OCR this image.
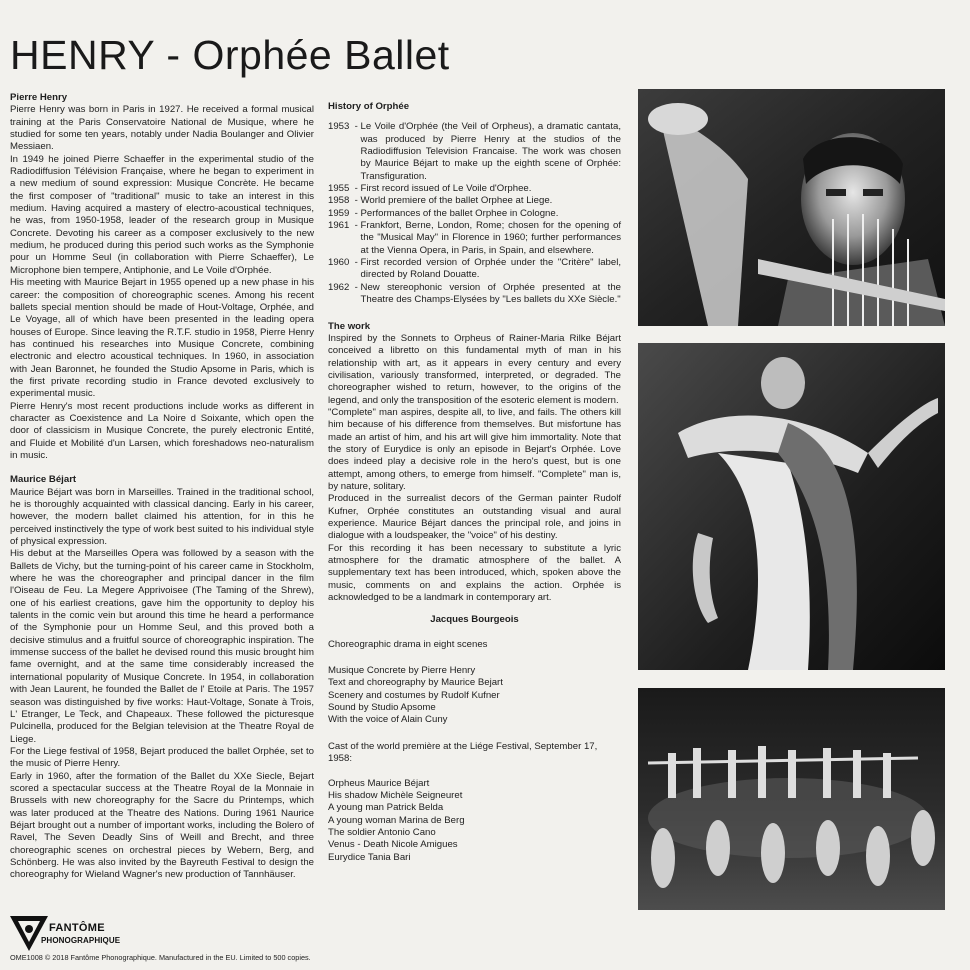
HENRY - Orphée Ballet
Pierre Henry

Pierre Henry was born in Paris in 1927. He received a formal musical training at the Paris Conservatoire National de Musique, where he studied for some ten years, notably under Nadia Boulanger and Olivier Messiaen.

In 1949 he joined Pierre Schaeffer in the experimental studio of the Radiodiffusion Télévision Française, where he began to experiment in a new medium of sound expression: Musique Concrète. He became the first composer of "traditional" music to take an interest in this medium. Having acquired a mastery of electro-acoustical techniques, he was, from 1950-1958, leader of the research group in Musique Concrete. Devoting his career as a composer exclusively to the new medium, he produced during this period such works as the Symphonie pour un Homme Seul (in collaboration with Pierre Schaeffer), Le Microphone bien tempere, Antiphonie, and Le Voile d'Orphée.

His meeting with Maurice Bejart in 1955 opened up a new phase in his career: the composition of choreographic scenes. Among his recent ballets special mention should be made of Hout-Voltage, Orphée, and Le Voyage, all of which have been presented in the leading opera houses of Europe. Since leaving the R.T.F. studio in 1958, Pierre Henry has continued his researches into Musique Concrete, combining electronic and electro acoustical techniques. In 1960, in association with Jean Baronnet, he founded the Studio Apsome in Paris, which is the first private recording studio in France devoted exclusively to experimental music.

Pierre Henry's most recent productions include works as different in character as Coexistence and La Noire d Soixante, which open the door of classicism in Musique Concrete, the purely electronic Entité, and Fluide et Mobilité d'un Larsen, which foreshadows neo-naturalism in music.

Maurice Béjart

Maurice Béjart was born in Marseilles. Trained in the traditional school, he is thoroughly acquainted with classical dancing. Early in his career, however, the modern ballet claimed his attention, for in this he perceived instinctively the type of work best suited to his individual style of physical expression.

His debut at the Marseilles Opera was followed by a season with the Ballets de Vichy, but the turning-point of his career came in Stockholm, where he was the choreographer and principal dancer in the film l'Oiseau de Feu. La Megere Apprivoisee (The Taming of the Shrew), one of his earliest creations, gave him the opportunity to deploy his talents in the comic vein but around this time he heard a performance of the Symphonie pour un Homme Seul, and this proved both a decisive stimulus and a fruitful source of choreographic inspiration. The immense success of the ballet he devised round this music brought him fame overnight, and at the same time considerably increased the international popularity of Musique Concrete. In 1954, in collaboration with Jean Laurent, he founded the Ballet de l' Etoile at Paris. The 1957 season was distinguished by five works: Haut-Voltage, Sonate à Trois, L' Etranger, Le Teck, and Chapeaux. These followed the picturesque Pulcinella, produced for the Belgian television at the Theatre Royal de Liege.

For the Liege festival of 1958, Bejart produced the ballet Orphée, set to the music of Pierre Henry.

Early in 1960, after the formation of the Ballet du XXe Siecle, Bejart scored a spectacular success at the Theatre Royal de la Monnaie in Brussels with new choreography for the Sacre du Printemps, which was later produced at the Theatre des Nations. During 1961 Naurice Béjart brought out a number of important works, including the Bolero of Ravel, The Seven Deadly Sins of Weill and Brecht, and three choreographic scenes on orchestral pieces by Webern, Berg, and Schönberg. He was also invited by the Bayreuth Festival to design the choreography for Wieland Wagner's new production of Tannhäuser.

History of Orphée
1953 - Le Voile d'Orphée (the Veil of Orpheus), a dramatic cantata, was produced by Pierre Henry at the studios of the Radiodiffusion Television Francaise. The work was chosen by Maurice Béjart to make up the eighth scene of Orphée: Transfiguration.
1955 - First record issued of Le Voile d'Orphee.
1958 - World premiere of the ballet Orphee at Liege.
1959 - Performances of the ballet Orphee in Cologne.
1961 - Frankfort, Berne, London, Rome; chosen for the opening of the "Musical May" in Florence in 1960; further performances at the Vienna Opera, in Paris, in Spain, and elsewhere.
1960 - First recorded version of Orphée under the "Critère" label, directed by Roland Douatte.
1962 - New stereophonic version of Orphée presented at the Theatre des Champs-Elysées by "Les ballets du XXe Siècle."
The work

Inspired by the Sonnets to Orpheus of Rainer-Maria Rilke Béjart conceived a libretto on this fundamental myth of man in his relationship with art, as it appears in every century and every civilisation, variously transformed, interpreted, or degraded. The choreographer wished to return, however, to the origins of the legend, and only the transposition of the esoteric element is modern.

"Complete" man aspires, despite all, to live, and fails. The others kill him because of his difference from themselves. But misfortune has made an artist of him, and his art will give him immortality. Note that the story of Eurydice is only an episode in Bejart's Orphée. Love does indeed play a decisive role in the hero's quest, but is one attempt, among others, to emerge from himself. "Complete" man is, by nature, solitary.

Produced in the surrealist decors of the German painter Rudolf Kufner, Orphée constitutes an outstanding visual and aural experience. Maurice Béjart dances the principal role, and joins in dialogue with a loudspeaker, the "voice" of his destiny.

For this recording it has been necessary to substitute a lyric atmosphere for the dramatic atmosphere of the ballet. A supplementary text has been introduced, which, spoken above the music, comments on and explains the action. Orphée is acknowledged to be a landmark in contemporary art.

Jacques Bourgeois

Choreographic drama in eight scenes

Musique Concrete by Pierre Henry

Text and choreography by Maurice Bejart

Scenery and costumes by Rudolf Kufner

Sound by Studio Apsome

With the voice of Alain Cuny

Cast of the world première at the Liége Festival, September 17, 1958:

Orpheus Maurice Béjart

His shadow Michèle Seigneuret

A young man Patrick Belda

A young woman Marina de Berg

The soldier Antonio Cano

Venus - Death Nicole Amigues

Eurydice Tania Bari

FANTÔME
PHONOGRAPHIQUE
OME1008 © 2018 Fantôme Phonographique. Manufactured in the EU. Limited to 500 copies.
